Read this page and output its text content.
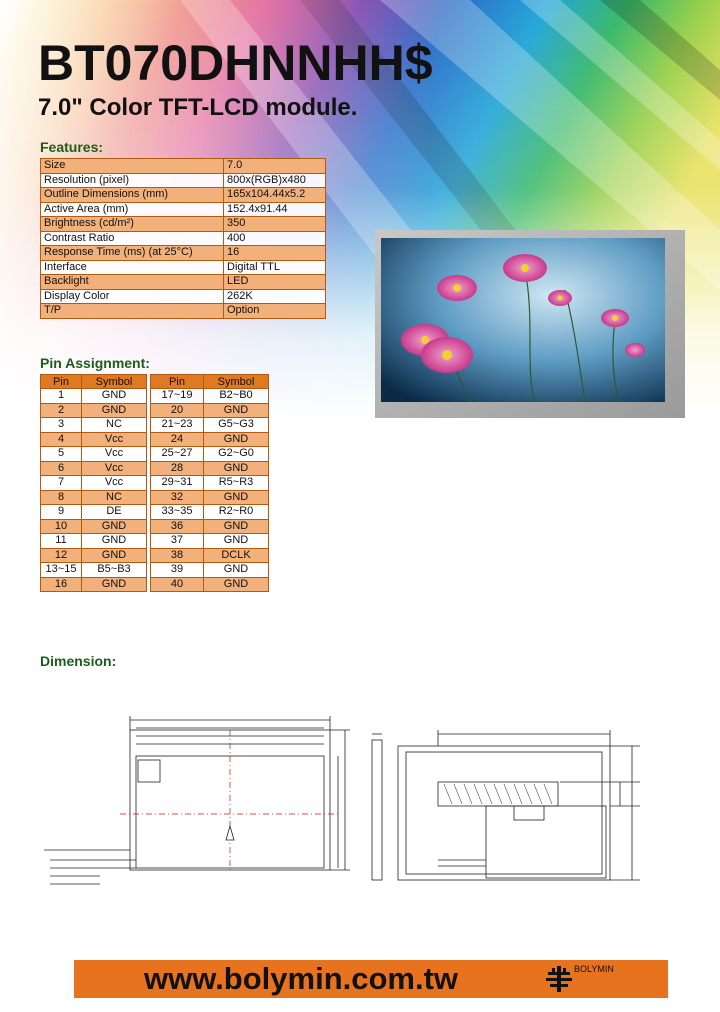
BT070DHNNHH$
7.0" Color TFT-LCD module.
Features:
Size	7.0
Resolution (pixel)	800x(RGB)x480
Outline Dimensions (mm)	165x104.44x5.2
Active Area (mm)	152.4x91.44
Brightness (cd/m²)	350
Contrast Ratio	400
Response Time (ms) (at 25°C)	16
Interface	Digital TTL
Backlight	LED
Display Color	262K
T/P	Option
Pin Assignment:
Pin	Symbol
1	GND
2	GND
3	NC
4	Vcc
5	Vcc
6	Vcc
7	Vcc
8	NC
9	DE
10	GND
11	GND
12	GND
13~15	B5~B3
16	GND
Pin	Symbol
17~19	B2~B0
20	GND
21~23	G5~G3
24	GND
25~27	G2~G0
28	GND
29~31	R5~R3
32	GND
33~35	R2~R0
36	GND
37	GND
38	DCLK
39	GND
40	GND
Dimension:
www.bolymin.com.tw	BOLYMIN
